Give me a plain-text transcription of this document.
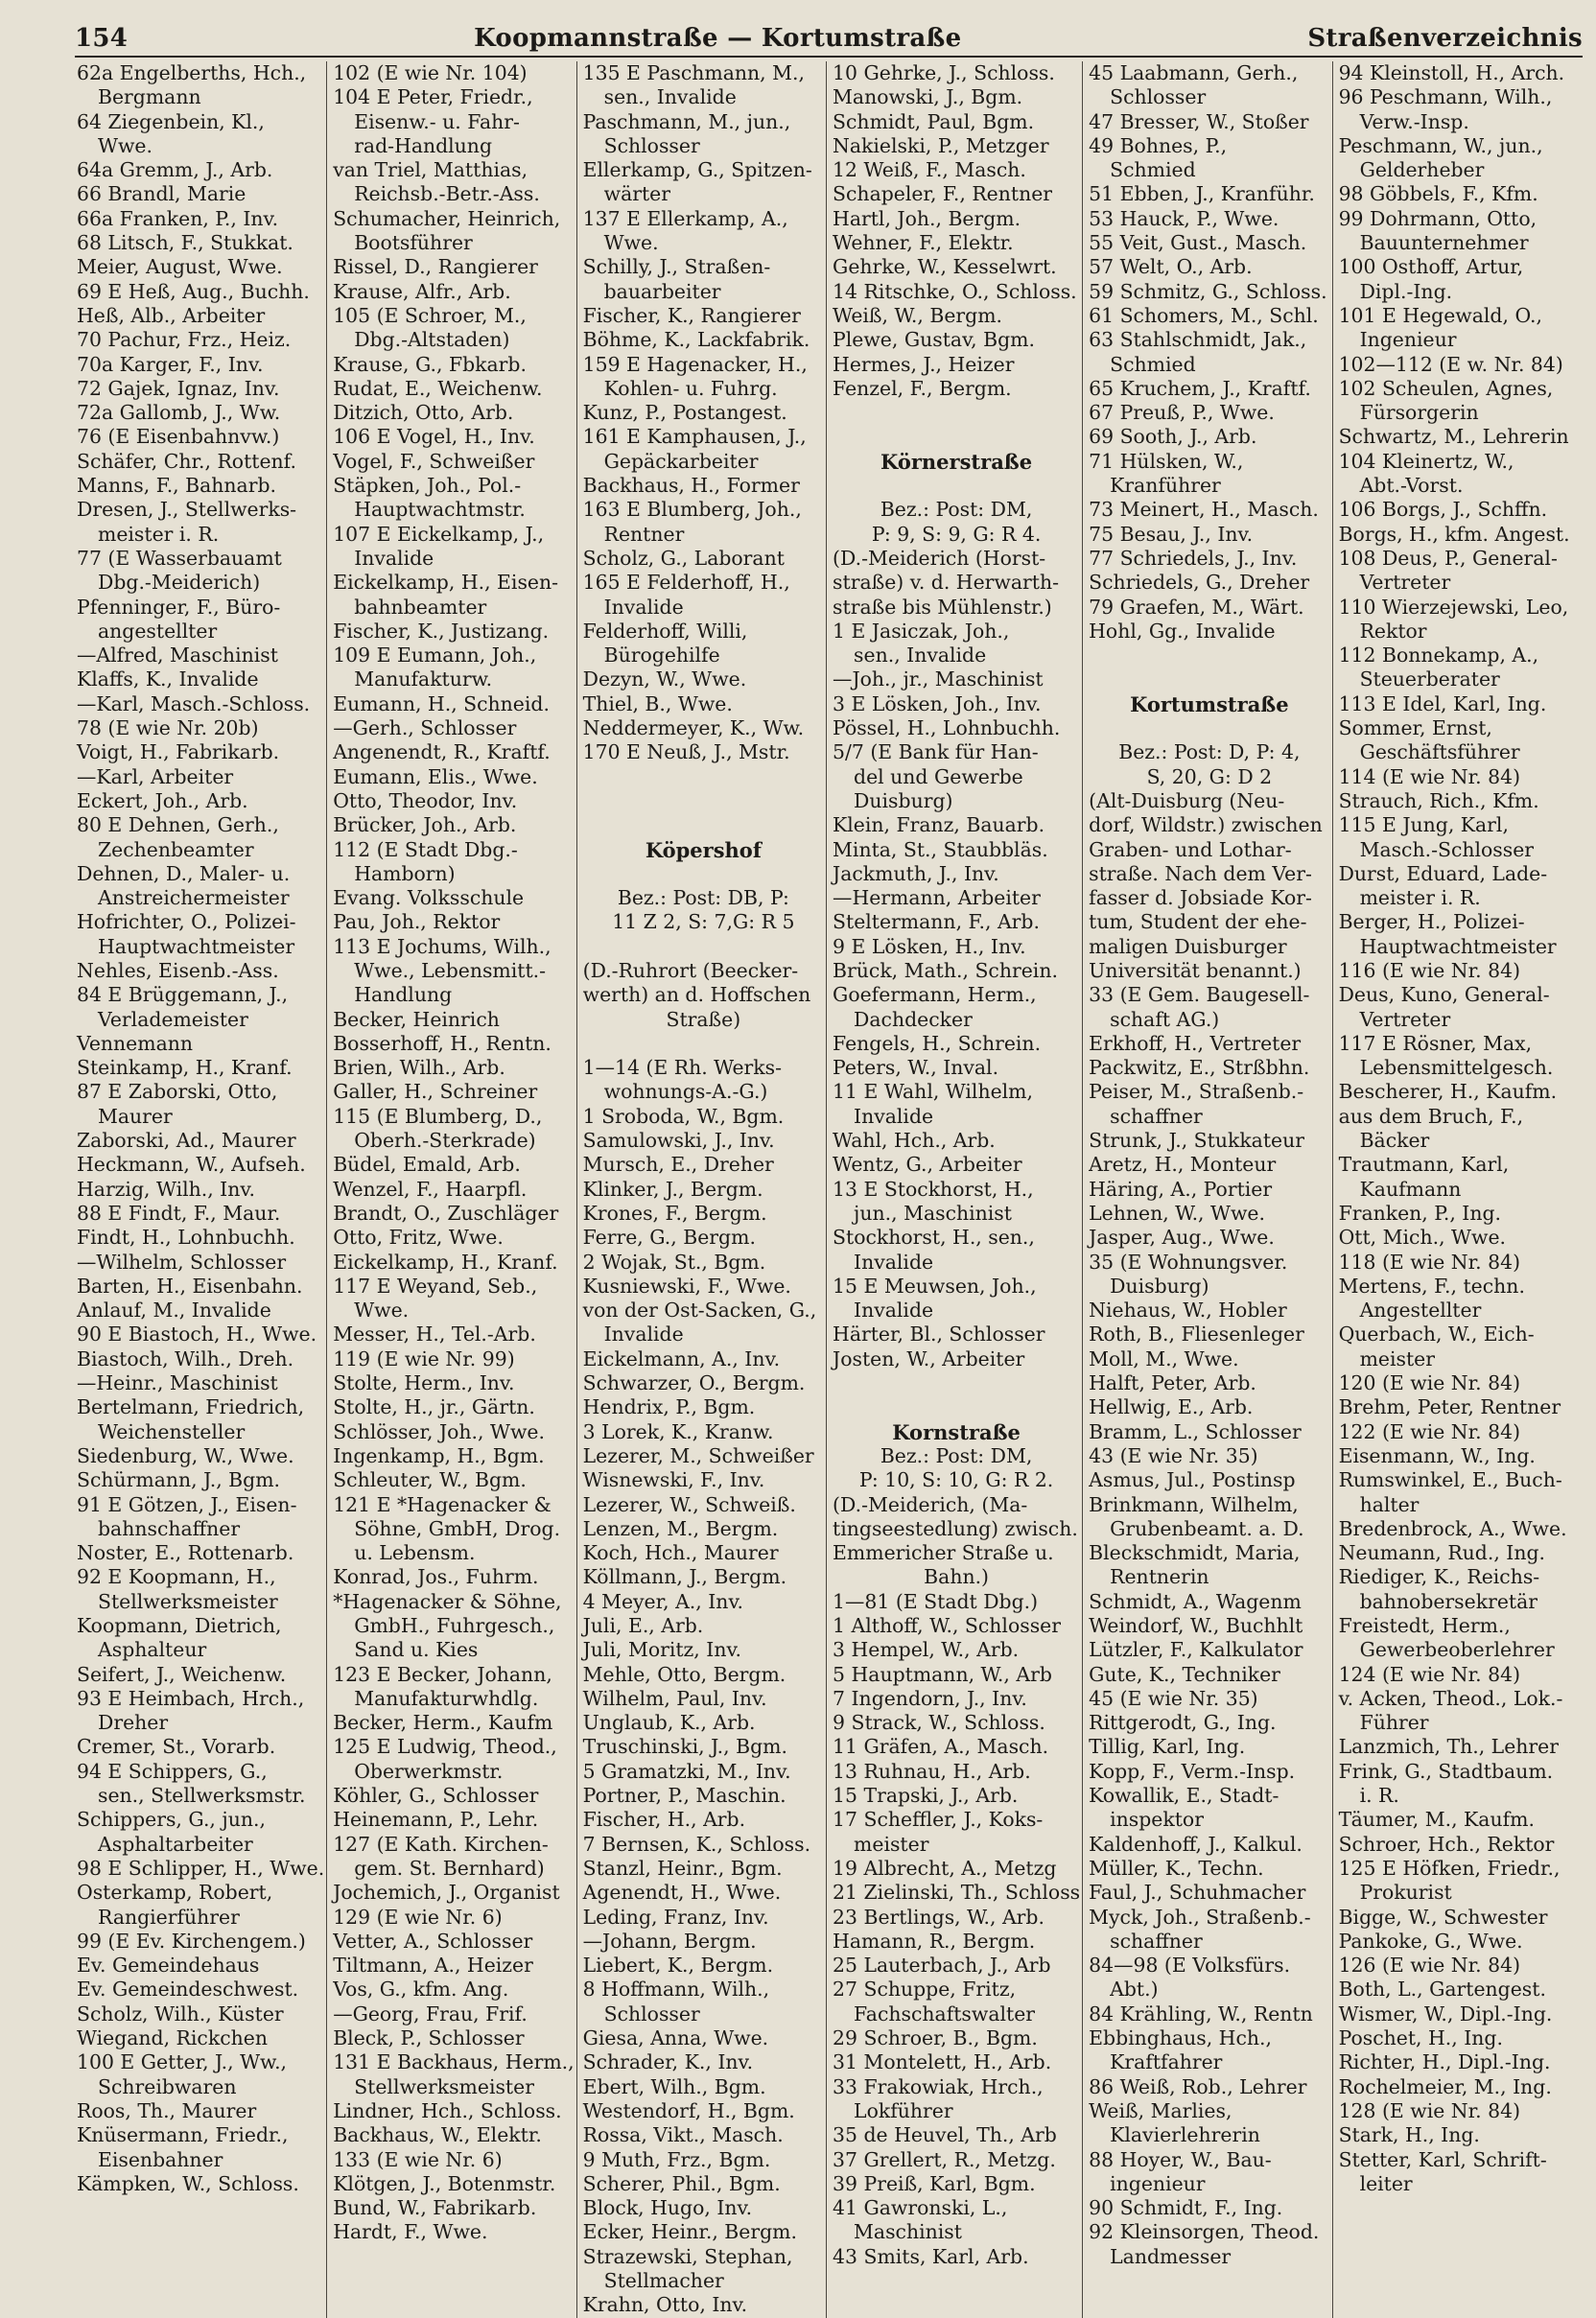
154	Koopmannstraße — Kortumstraße	Straßenverzeichnis
62a Engelberths, Hch.,
Bergmann
64 Ziegenbein, Kl.,
Wwe.
64a Gremm, J., Arb.
66 Brandl, Marie
66a Franken, P., Inv.
68 Litsch, F., Stukkat.
Meier, August, Wwe.
69 E Heß, Aug., Buchh.
Heß, Alb., Arbeiter
70 Pachur, Frz., Heiz.
70a Karger, F., Inv.
72 Gajek, Ignaz, Inv.
72a Gallomb, J., Ww.
76 (E Eisenbahnvw.)
Schäfer, Chr., Rottenf.
Manns, F., Bahnarb.
Dresen, J., Stellwerks-
meister i. R.
77 (E Wasserbauamt
Dbg.-Meiderich)
Pfenninger, F., Büro-
angestellter
—Alfred, Maschinist
Klaffs, K., Invalide
—Karl, Masch.-Schloss.
78 (E wie Nr. 20b)
Voigt, H., Fabrikarb.
—Karl, Arbeiter
Eckert, Joh., Arb.
80 E Dehnen, Gerh.,
Zechenbeamter
Dehnen, D., Maler- u.
Anstreichermeister
Hofrichter, O., Polizei-
Hauptwachtmeister
Nehles, Eisenb.-Ass.
84 E Brüggemann, J.,
Verlademeister
Vennemann
Steinkamp, H., Kranf.
87 E Zaborski, Otto,
Maurer
Zaborski, Ad., Maurer
Heckmann, W., Aufseh.
Harzig, Wilh., Inv.
88 E Findt, F., Maur.
Findt, H., Lohnbuchh.
—Wilhelm, Schlosser
Barten, H., Eisenbahn.
Anlauf, M., Invalide
90 E Biastoch, H., Wwe.
Biastoch, Wilh., Dreh.
—Heinr., Maschinist
Bertelmann, Friedrich,
Weichensteller
Siedenburg, W., Wwe.
Schürmann, J., Bgm.
91 E Götzen, J., Eisen-
bahnschaffner
Noster, E., Rottenarb.
92 E Koopmann, H.,
Stellwerksmeister
Koopmann, Dietrich,
Asphalteur
Seifert, J., Weichenw.
93 E Heimbach, Hrch.,
Dreher
Cremer, St., Vorarb.
94 E Schippers, G.,
sen., Stellwerksmstr.
Schippers, G., jun.,
Asphaltarbeiter
98 E Schlipper, H., Wwe.
Osterkamp, Robert,
Rangierführer
99 (E Ev. Kirchengem.)
Ev. Gemeindehaus
Ev. Gemeindeschwest.
Scholz, Wilh., Küster
Wiegand, Rickchen
100 E Getter, J., Ww.,
Schreibwaren
Roos, Th., Maurer
Knüsermann, Friedr.,
Eisenbahner
Kämpken, W., Schloss.
102 (E wie Nr. 104)
104 E Peter, Friedr.,
Eisenw.- u. Fahr-
rad-Handlung
van Triel, Matthias,
Reichsb.-Betr.-Ass.
Schumacher, Heinrich,
Bootsführer
Rissel, D., Rangierer
Krause, Alfr., Arb.
105 (E Schroer, M.,
Dbg.-Altstaden)
Krause, G., Fbkarb.
Rudat, E., Weichenw.
Ditzich, Otto, Arb.
106 E Vogel, H., Inv.
Vogel, F., Schweißer
Stäpken, Joh., Pol.-
Hauptwachtmstr.
107 E Eickelkamp, J.,
Invalide
Eickelkamp, H., Eisen-
bahnbeamter
Fischer, K., Justizang.
109 E Eumann, Joh.,
Manufakturw.
Eumann, H., Schneid.
—Gerh., Schlosser
Angenendt, R., Kraftf.
Eumann, Elis., Wwe.
Otto, Theodor, Inv.
Brücker, Joh., Arb.
112 (E Stadt Dbg.-
Hamborn)
Evang. Volksschule
Pau, Joh., Rektor
113 E Jochums, Wilh.,
Wwe., Lebensmitt.-
Handlung
Becker, Heinrich
Bosserhoff, H., Rentn.
Brien, Wilh., Arb.
Galler, H., Schreiner
115 (E Blumberg, D.,
Oberh.-Sterkrade)
Büdel, Emald, Arb.
Wenzel, F., Haarpfl.
Brandt, O., Zuschläger
Otto, Fritz, Wwe.
Eickelkamp, H., Kranf.
117 E Weyand, Seb.,
Wwe.
Messer, H., Tel.-Arb.
119 (E wie Nr. 99)
Stolte, Herm., Inv.
Stolte, H., jr., Gärtn.
Schlösser, Joh., Wwe.
Ingenkamp, H., Bgm.
Schleuter, W., Bgm.
121 E *Hagenacker &
Söhne, GmbH, Drog.
u. Lebensm.
Konrad, Jos., Fuhrm.
*Hagenacker & Söhne,
GmbH., Fuhrgesch.,
Sand u. Kies
123 E Becker, Johann,
Manufakturwhdlg.
Becker, Herm., Kaufm
125 E Ludwig, Theod.,
Oberwerkmstr.
Köhler, G., Schlosser
Heinemann, P., Lehr.
127 (E Kath. Kirchen-
gem. St. Bernhard)
Jochemich, J., Organist
129 (E wie Nr. 6)
Vetter, A., Schlosser
Tiltmann, A., Heizer
Vos, G., kfm. Ang.
—Georg, Frau, Frif.
Bleck, P., Schlosser
131 E Backhaus, Herm.,
Stellwerksmeister
Lindner, Hch., Schloss.
Backhaus, W., Elektr.
133 (E wie Nr. 6)
Klötgen, J., Botenmstr.
Bund, W., Fabrikarb.
Hardt, F., Wwe.
135 E Paschmann, M.,
sen., Invalide
Paschmann, M., jun.,
Schlosser
Ellerkamp, G., Spitzen-
wärter
137 E Ellerkamp, A.,
Wwe.
Schilly, J., Straßen-
bauarbeiter
Fischer, K., Rangierer
Böhme, K., Lackfabrik.
159 E Hagenacker, H.,
Kohlen- u. Fuhrg.
Kunz, P., Postangest.
161 E Kamphausen, J.,
Gepäckarbeiter
Backhaus, H., Former
163 E Blumberg, Joh.,
Rentner
Scholz, G., Laborant
165 E Felderhoff, H.,
Invalide
Felderhoff, Willi,
Bürogehilfe
Dezyn, W., Wwe.
Thiel, B., Wwe.
Neddermeyer, K., Ww.
170 E Neuß, J., Mstr.
Köpershof
Bez.: Post: DB, P:
11 Z 2, S: 7,G: R 5
(D.-Ruhrort (Beecker-
werth) an d. Hoffschen
Straße)
1—14 (E Rh. Werks-
wohnungs-A.-G.)
1 Sroboda, W., Bgm.
Samulowski, J., Inv.
Mursch, E., Dreher
Klinker, J., Bergm.
Krones, F., Bergm.
Ferre, G., Bergm.
2 Wojak, St., Bgm.
Kusniewski, F., Wwe.
von der Ost-Sacken, G.,
Invalide
Eickelmann, A., Inv.
Schwarzer, O., Bergm.
Hendrix, P., Bgm.
3 Lorek, K., Kranw.
Lezerer, M., Schweißer
Wisnewski, F., Inv.
Lezerer, W., Schweiß.
Lenzen, M., Bergm.
Koch, Hch., Maurer
Köllmann, J., Bergm.
4 Meyer, A., Inv.
Juli, E., Arb.
Juli, Moritz, Inv.
Mehle, Otto, Bergm.
Wilhelm, Paul, Inv.
Unglaub, K., Arb.
Truschinski, J., Bgm.
5 Gramatzki, M., Inv.
Portner, P., Maschin.
Fischer, H., Arb.
7 Bernsen, K., Schloss.
Stanzl, Heinr., Bgm.
Agenendt, H., Wwe.
Leding, Franz, Inv.
—Johann, Bergm.
Liebert, K., Bergm.
8 Hoffmann, Wilh.,
Schlosser
Giesa, Anna, Wwe.
Schrader, K., Inv.
Ebert, Wilh., Bgm.
Westendorf, H., Bgm.
Rossa, Vikt., Masch.
9 Muth, Frz., Bgm.
Scherer, Phil., Bgm.
Block, Hugo, Inv.
Ecker, Heinr., Bergm.
Strazewski, Stephan,
Stellmacher
Krahn, Otto, Inv.
10 Gehrke, J., Schloss.
Manowski, J., Bgm.
Schmidt, Paul, Bgm.
Nakielski, P., Metzger
12 Weiß, F., Masch.
Schapeler, F., Rentner
Hartl, Joh., Bergm.
Wehner, F., Elektr.
Gehrke, W., Kesselwrt.
14 Ritschke, O., Schloss.
Weiß, W., Bergm.
Plewe, Gustav, Bgm.
Hermes, J., Heizer
Fenzel, F., Bergm.
Körnerstraße
Bez.: Post: DM,
P: 9, S: 9, G: R 4.
(D.-Meiderich (Horst-
straße) v. d. Herwarth-
straße bis Mühlenstr.)
1 E Jasiczak, Joh.,
sen., Invalide
—Joh., jr., Maschinist
3 E Lösken, Joh., Inv.
Pössel, H., Lohnbuchh.
5/7 (E Bank für Han-
del und Gewerbe
Duisburg)
Klein, Franz, Bauarb.
Minta, St., Staubbläs.
Jackmuth, J., Inv.
—Hermann, Arbeiter
Steltermann, F., Arb.
9 E Lösken, H., Inv.
Brück, Math., Schrein.
Goefermann, Herm.,
Dachdecker
Fengels, H., Schrein.
Peters, W., Inval.
11 E Wahl, Wilhelm,
Invalide
Wahl, Hch., Arb.
Wentz, G., Arbeiter
13 E Stockhorst, H.,
jun., Maschinist
Stockhorst, H., sen.,
Invalide
15 E Meuwsen, Joh.,
Invalide
Härter, Bl., Schlosser
Josten, W., Arbeiter
Kornstraße
Bez.: Post: DM,
P: 10, S: 10, G: R 2.
(D.-Meiderich, (Ma-
tingseestedlung) zwisch.
Emmericher Straße u.
Bahn.)
1—81 (E Stadt Dbg.)
1 Althoff, W., Schlosser
3 Hempel, W., Arb.
5 Hauptmann, W., Arb
7 Ingendorn, J., Inv.
9 Strack, W., Schloss.
11 Gräfen, A., Masch.
13 Ruhnau, H., Arb.
15 Trapski, J., Arb.
17 Scheffler, J., Koks-
meister
19 Albrecht, A., Metzg
21 Zielinski, Th., Schloss
23 Bertlings, W., Arb.
Hamann, R., Bergm.
25 Lauterbach, J., Arb
27 Schuppe, Fritz,
Fachschaftswalter
29 Schroer, B., Bgm.
31 Montelett, H., Arb.
33 Frakowiak, Hrch.,
Lokführer
35 de Heuvel, Th., Arb
37 Grellert, R., Metzg.
39 Preiß, Karl, Bgm.
41 Gawronski, L.,
Maschinist
43 Smits, Karl, Arb.
45 Laabmann, Gerh.,
Schlosser
47 Bresser, W., Stoßer
49 Bohnes, P.,
Schmied
51 Ebben, J., Kranführ.
53 Hauck, P., Wwe.
55 Veit, Gust., Masch.
57 Welt, O., Arb.
59 Schmitz, G., Schloss.
61 Schomers, M., Schl.
63 Stahlschmidt, Jak.,
Schmied
65 Kruchem, J., Kraftf.
67 Preuß, P., Wwe.
69 Sooth, J., Arb.
71 Hülsken, W.,
Kranführer
73 Meinert, H., Masch.
75 Besau, J., Inv.
77 Schriedels, J., Inv.
Schriedels, G., Dreher
79 Graefen, M., Wärt.
Hohl, Gg., Invalide
Kortumstraße
Bez.: Post: D, P: 4,
S, 20, G: D 2
(Alt-Duisburg (Neu-
dorf, Wildstr.) zwischen
Graben- und Lothar-
straße. Nach dem Ver-
fasser d. Jobsiade Kor-
tum, Student der ehe-
maligen Duisburger
Universität benannt.)
33 (E Gem. Baugesell-
schaft AG.)
Erkhoff, H., Vertreter
Packwitz, E., Strßbhn.
Peiser, M., Straßenb.-
schaffner
Strunk, J., Stukkateur
Aretz, H., Monteur
Häring, A., Portier
Lehnen, W., Wwe.
Jasper, Aug., Wwe.
35 (E Wohnungsver.
Duisburg)
Niehaus, W., Hobler
Roth, B., Fliesenleger
Moll, M., Wwe.
Halft, Peter, Arb.
Hellwig, E., Arb.
Bramm, L., Schlosser
43 (E wie Nr. 35)
Asmus, Jul., Postinsp
Brinkmann, Wilhelm,
Grubenbeamt. a. D.
Bleckschmidt, Maria,
Rentnerin
Schmidt, A., Wagenm
Weindorf, W., Buchhlt
Lützler, F., Kalkulator
Gute, K., Techniker
45 (E wie Nr. 35)
Rittgerodt, G., Ing.
Tillig, Karl, Ing.
Kopp, F., Verm.-Insp.
Kowallik, E., Stadt-
inspektor
Kaldenhoff, J., Kalkul.
Müller, K., Techn.
Faul, J., Schuhmacher
Myck, Joh., Straßenb.-
schaffner
84—98 (E Volksfürs.
Abt.)
84 Krähling, W., Rentn
Ebbinghaus, Hch.,
Kraftfahrer
86 Weiß, Rob., Lehrer
Weiß, Marlies,
Klavierlehrerin
88 Hoyer, W., Bau-
ingenieur
90 Schmidt, F., Ing.
92 Kleinsorgen, Theod.
Landmesser
94 Kleinstoll, H., Arch.
96 Peschmann, Wilh.,
Verw.-Insp.
Peschmann, W., jun.,
Gelderheber
98 Göbbels, F., Kfm.
99 Dohrmann, Otto,
Bauunternehmer
100 Osthoff, Artur,
Dipl.-Ing.
101 E Hegewald, O.,
Ingenieur
102—112 (E w. Nr. 84)
102 Scheulen, Agnes,
Fürsorgerin
Schwartz, M., Lehrerin
104 Kleinertz, W.,
Abt.-Vorst.
106 Borgs, J., Schffn.
Borgs, H., kfm. Angest.
108 Deus, P., General-
Vertreter
110 Wierzejewski, Leo,
Rektor
112 Bonnekamp, A.,
Steuerberater
113 E Idel, Karl, Ing.
Sommer, Ernst,
Geschäftsführer
114 (E wie Nr. 84)
Strauch, Rich., Kfm.
115 E Jung, Karl,
Masch.-Schlosser
Durst, Eduard, Lade-
meister i. R.
Berger, H., Polizei-
Hauptwachtmeister
116 (E wie Nr. 84)
Deus, Kuno, General-
Vertreter
117 E Rösner, Max,
Lebensmittelgesch.
Bescherer, H., Kaufm.
aus dem Bruch, F.,
Bäcker
Trautmann, Karl,
Kaufmann
Franken, P., Ing.
Ott, Mich., Wwe.
118 (E wie Nr. 84)
Mertens, F., techn.
Angestellter
Querbach, W., Eich-
meister
120 (E wie Nr. 84)
Brehm, Peter, Rentner
122 (E wie Nr. 84)
Eisenmann, W., Ing.
Rumswinkel, E., Buch-
halter
Bredenbrock, A., Wwe.
Neumann, Rud., Ing.
Riediger, K., Reichs-
bahnobersekretär
Freistedt, Herm.,
Gewerbeoberlehrer
124 (E wie Nr. 84)
v. Acken, Theod., Lok.-
Führer
Lanzmich, Th., Lehrer
Frink, G., Stadtbaum.
i. R.
Täumer, M., Kaufm.
Schroer, Hch., Rektor
125 E Höfken, Friedr.,
Prokurist
Bigge, W., Schwester
Pankoke, G., Wwe.
126 (E wie Nr. 84)
Both, L., Gartengest.
Wismer, W., Dipl.-Ing.
Poschet, H., Ing.
Richter, H., Dipl.-Ing.
Rochelmeier, M., Ing.
128 (E wie Nr. 84)
Stark, H., Ing.
Stetter, Karl, Schrift-
leiter
